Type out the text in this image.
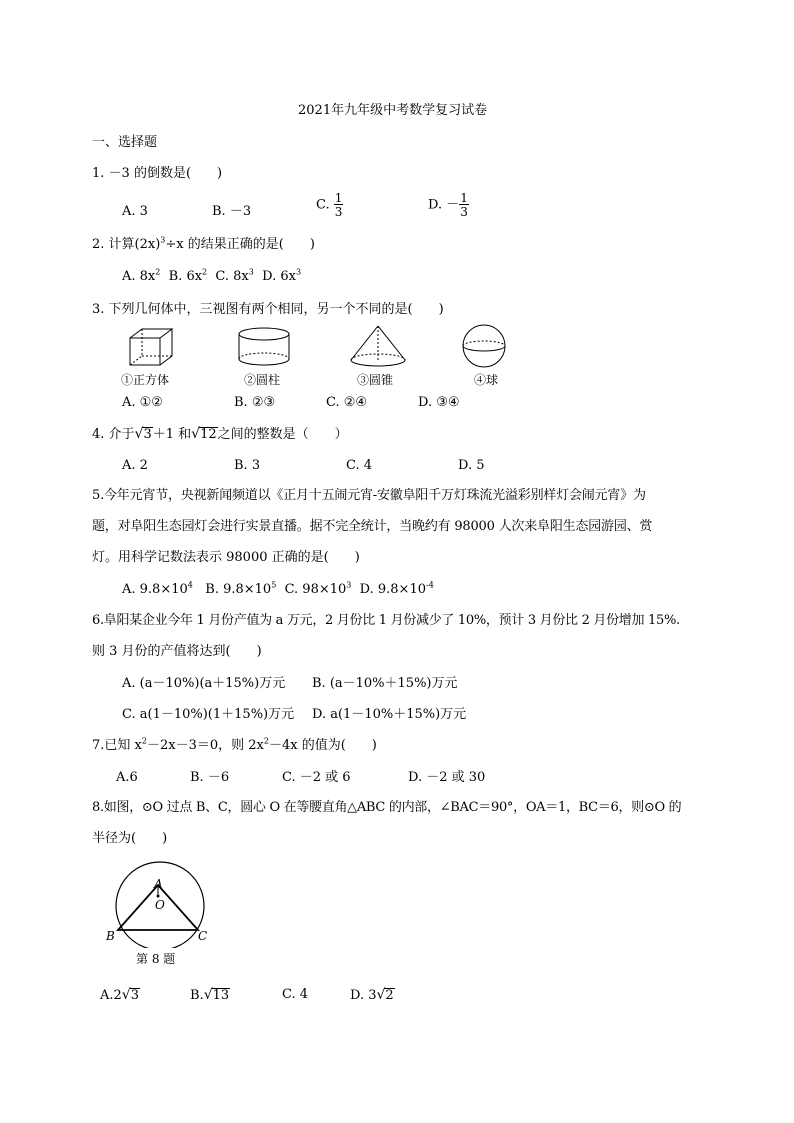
2021年九年级中考数学复习试卷
一、选择题
1. －3 的倒数是(　　)
A. 3	B. －3	C. $\frac{1}{3}$	D. － $\frac{1}{3}$
2. 计算$(2x)^3\div x$ 的结果正确的是(　　)
A. $8x^2$ B. $6x^2$ C. $8x^3$ D. $6x^3$
3. 下列几何体中，三视图有两个相同，另一个不同的是(　　)
①正方体	②圆柱	③圆锥	④球
A. ①②	B. ②③	C. ②④	D. ③④
4. 介于√3＋1 和√12之间的整数是（　　）
A. 2	B. 3	C. 4	D. 5
5.今年元宵节，央视新闻频道以《正月十五闹元宵-安徽阜阳千万灯珠流光溢彩别样灯会闹元宵》为
题，对阜阳生态园灯会进行实景直播。据不完全统计，当晚约有 98000 人次来阜阳生态园游园、赏
灯。用科学记数法表示 98000 正确的是(　　)
A. $9.8\times 10^4$ B. $9.8\times 10^5$ C. $98\times 10^3$ D. $9.8\times 10^{-4}$
6.阜阳某企业今年 1 月份产值为 a 万元，2 月份比 1 月份减少了 10%，预计 3 月份比 2 月份增加 15%.
则 3 月份的产值将达到(　　)
A. (a－10%)(a＋15%)万元 B. (a－10%＋15%)万元
C. a(1－10%)(1＋15%)万元 D. a(1－10%＋15%)万元
7.已知 $x^2-2x-3=0$，则 $2x^2-4x$ 的值为(　　)
A.6	B. －6	C. －2 或 6	D. －2 或 30
8.如图，⊙O 过点 B、C，圆心 O 在等腰直角△ABC 的内部，∠BAC＝90°，OA＝1，BC＝6，则⊙O 的
半径为(　　)
A
O
B	C
第 8 题
A.2√3	B.√13	C. 4	D. 3√2
